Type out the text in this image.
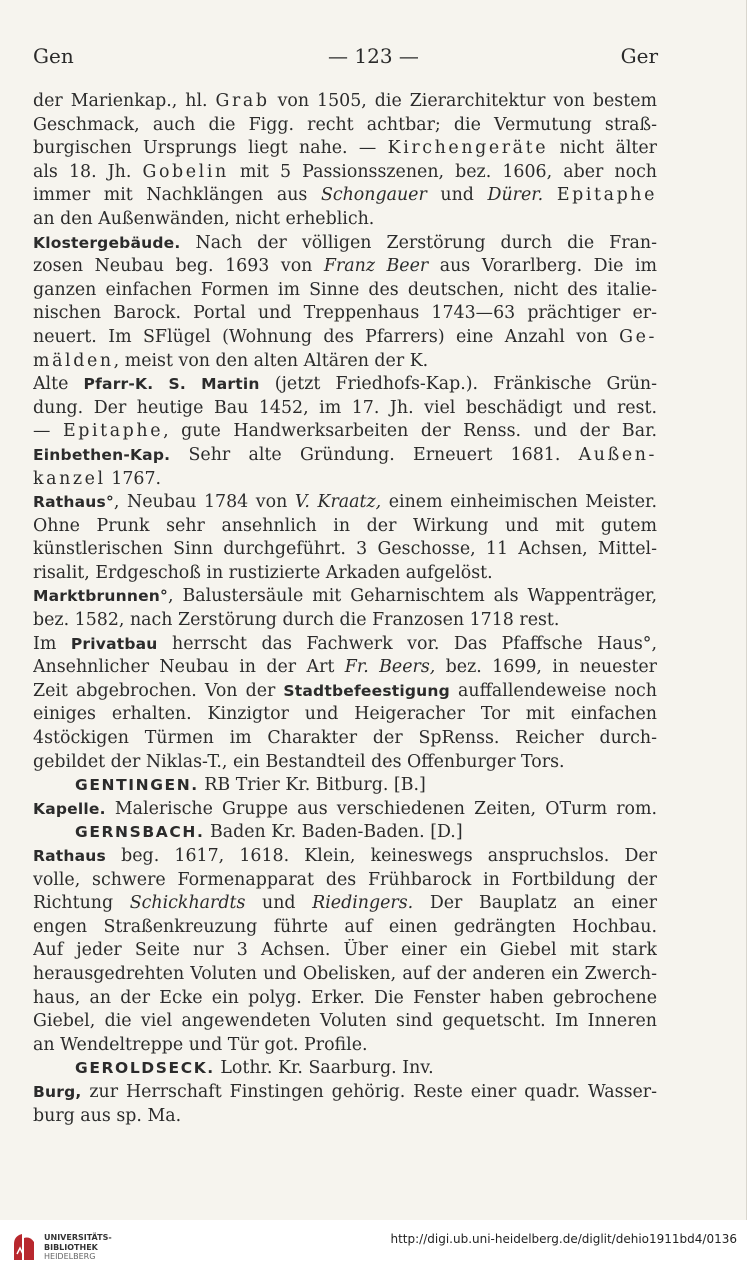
Gen	— 123 —	Ger
der Marienkap., hl. Grab von 1505, die Zierarchitektur von bestem
Geschmack, auch die Figg. recht achtbar; die Vermutung straß-
burgischen Ursprungs liegt nahe. — Kirchengeräte nicht älter
als 18. Jh. Gobelin mit 5 Passionsszenen, bez. 1606, aber noch
immer mit Nachklängen aus Schongauer und Dürer. Epitaphe
an den Außenwänden, nicht erheblich.
Klostergebäude. Nach der völligen Zerstörung durch die Fran-
zosen Neubau beg. 1693 von Franz Beer aus Vorarlberg. Die im
ganzen einfachen Formen im Sinne des deutschen, nicht des italie-
nischen Barock. Portal und Treppenhaus 1743—63 prächtiger er-
neuert. Im SFlügel (Wohnung des Pfarrers) eine Anzahl von Ge-
mälden, meist von den alten Altären der K.
Alte Pfarr-K. S. Martin (jetzt Friedhofs-Kap.). Fränkische Grün-
dung. Der heutige Bau 1452, im 17. Jh. viel beschädigt und rest.
— Epitaphe, gute Handwerksarbeiten der Renss. und der Bar.
Einbethen-Kap. Sehr alte Gründung. Erneuert 1681. Außen-
kanzel 1767.
Rathaus°, Neubau 1784 von V. Kraatz, einem einheimischen Meister.
Ohne Prunk sehr ansehnlich in der Wirkung und mit gutem
künstlerischen Sinn durchgeführt. 3 Geschosse, 11 Achsen, Mittel-
risalit, Erdgeschoß in rustizierte Arkaden aufgelöst.
Marktbrunnen°, Balustersäule mit Geharnischtem als Wappenträger,
bez. 1582, nach Zerstörung durch die Franzosen 1718 rest.
Im Privatbau herrscht das Fachwerk vor. Das Pfaffsche Haus°,
Ansehnlicher Neubau in der Art Fr. Beers, bez. 1699, in neuester
Zeit abgebrochen. Von der Stadtbefeestigung auffallendeweise noch
einiges erhalten. Kinzigtor und Heigeracher Tor mit einfachen
4stöckigen Türmen im Charakter der SpRenss. Reicher durch-
gebildet der Niklas-T., ein Bestandteil des Offenburger Tors.
GENTINGEN. RB Trier Kr. Bitburg. [B.]
Kapelle. Malerische Gruppe aus verschiedenen Zeiten, OTurm rom.
GERNSBACH. Baden Kr. Baden-Baden. [D.]
Rathaus beg. 1617, 1618. Klein, keineswegs anspruchslos. Der
volle, schwere Formenapparat des Frühbarock in Fortbildung der
Richtung Schickhardts und Riedingers. Der Bauplatz an einer
engen Straßenkreuzung führte auf einen gedrängten Hochbau.
Auf jeder Seite nur 3 Achsen. Über einer ein Giebel mit stark
herausgedrehten Voluten und Obelisken, auf der anderen ein Zwerch-
haus, an der Ecke ein polyg. Erker. Die Fenster haben gebrochene
Giebel, die viel angewendeten Voluten sind gequetscht. Im Inneren
an Wendeltreppe und Tür got. Profile.
GEROLDSECK. Lothr. Kr. Saarburg. Inv.
Burg, zur Herrschaft Finstingen gehörig. Reste einer quadr. Wasser-
burg aus sp. Ma.
UNIVERSITÄTS-
BIBLIOTHEK
HEIDELBERG
http://digi.ub.uni-heidelberg.de/diglit/dehio1911bd4/0136
